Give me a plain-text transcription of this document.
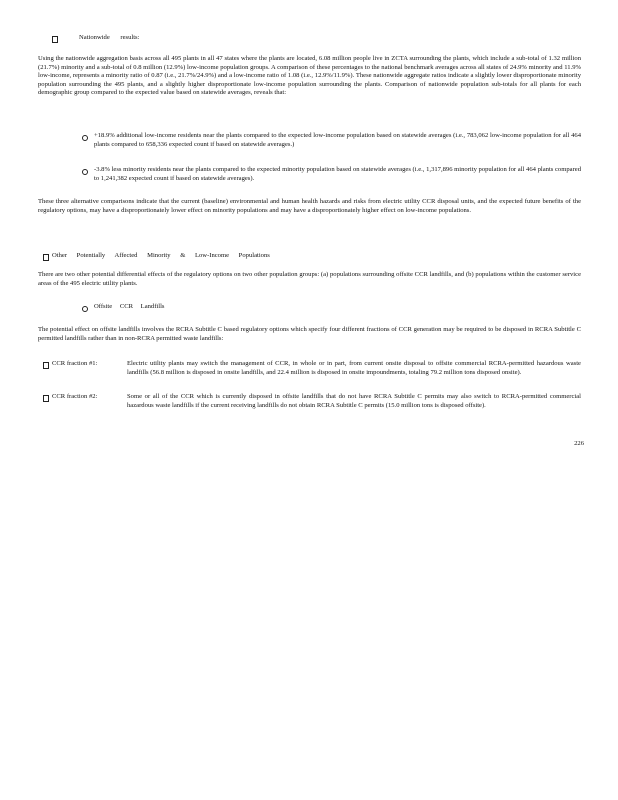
Nationwide results:
Using the nationwide aggregation basis across all 495 plants in all 47 states where the plants are located, 6.08 million people live in ZCTA surrounding the plants, which include a sub-total of 1.32 million (21.7%) minority and a sub-total of 0.8 million (12.9%) low-income population groups. A comparison of these percentages to the national benchmark averages across all states of 24.9% minority and 11.9% low-income, represents a minority ratio of 0.87 (i.e., 21.7%/24.9%) and a low-income ratio of 1.08 (i.e., 12.9%/11.9%). These nationwide aggregate ratios indicate a slightly lower disproportionate minority population surrounding the 495 plants, and a slightly higher disproportionate low-income population surrounding the plants. Comparison of nationwide population sub-totals for all plants for each demographic group compared to the expected value based on statewide averages, reveals that:
+18.9% additional low-income residents near the plants compared to the expected low-income population based on statewide averages (i.e., 783,062 low-income population for all 464 plants compared to 658,336 expected count if based on statewide averages.)
-3.8% less minority residents near the plants compared to the expected minority population based on statewide averages (i.e., 1,317,896 minority population for all 464 plants compared to 1,241,382 expected count if based on statewide averages).
These three alternative comparisons indicate that the current (baseline) environmental and human health hazards and risks from electric utility CCR disposal units, and the expected future benefits of the regulatory options, may have a disproportionately lower effect on minority populations and may have a disproportionately higher effect on low-income populations.
Other Potentially Affected Minority & Low-Income Populations
There are two other potential differential effects of the regulatory options on two other population groups: (a) populations surrounding offsite CCR landfills, and (b) populations within the customer service areas of the 495 electric utility plants.
Offsite CCR Landfills
The potential effect on offsite landfills involves the RCRA Subtitle C based regulatory options which specify four different fractions of CCR generation may be required to be disposed in RCRA Subtitle C permitted landfills rather than in non-RCRA permitted waste landfills:
CCR fraction #1:	Electric utility plants may switch the management of CCR, in whole or in part, from current onsite disposal to offsite commercial RCRA-permitted hazardous waste landfills (56.8 million is disposed in onsite landfills, and 22.4 million is disposed in onsite impoundments, totaling 79.2 million tons disposed onsite).
CCR fraction #2:	Some or all of the CCR which is currently disposed in offsite landfills that do not have RCRA Subtitle C permits may also switch to RCRA-permitted commercial hazardous waste landfills if the current receiving landfills do not obtain RCRA Subtitle C permits (15.0 million tons is disposed offsite).
226
